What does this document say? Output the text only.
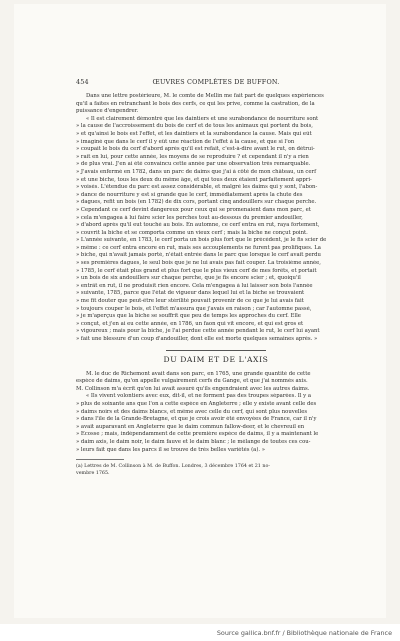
454	ŒUVRES COMPLÈTES DE BUFFON.
Dans une lettre postérieure, M. le comte de Mellin me fait part de quelques expériences
qu'il a faites en retranchant le bois des cerfs, ce qui les prive, comme la castration, de la
puissance d'engendrer.
« Il est clairement démontré que les daintiers et une surabondance de nourriture sont
» la cause de l'accroissement du bois de cerf et de tous les animaux qui portent du bois,
» et qu'ainsi le bois est l'effet, et les daintiers et la surabondance la cause. Mais qui eût
» imaginé que dans le cerf il y eût une réaction de l'effet à la cause, et que si l'on
» coupait le bois du cerf d'abord après qu'il est refait, c'est-à-dire avant le rut, on détrui-
» rait en lui, pour cette année, les moyens de se reproduire ? et cependant il n'y a rien
» de plus vrai. J'en ai été convaincu cette année par une observation très remarquable.
» J'avais enfermé en 1782, dans un parc de daims que j'ai à côté de mon château, un cerf
» et une biche, tous les deux du même âge, et qui tous deux étaient parfaitement appri-
» voisés. L'étendue du parc est assez considérable, et malgré les daims qui y sont, l'abon-
» dance de nourriture y est si grande que le cerf, immédiatement après la chute des
» dagues, refit un bois (en 1782) de dix cors, portant cinq andouillers sur chaque perche.
» Cependant ce cerf devint dangereux pour ceux qui se promenaient dans mon parc, et
» cela m'engagea à lui faire scier les perches tout au-dessous du premier andouiller,
» d'abord après qu'il eut touché au bois. En automne, ce cerf entra en rut, rayа fortement,
» couvrit la biche et se comporta comme un vieux cerf ; mais la biche ne conçut point.
» L'année suivante, en 1783, le cerf porta un bois plus fort que le précédent, je le fis scier de
» même : ce cerf entra encore en rut, mais ses accouplements ne furent pas prolifiques. La
» biche, qui n'avait jamais porté, n'était entrée dans le parc que lorsque le cerf avait perdu
» ses premières dagues, le seul bois que je ne lui avais pas fait couper. La troisième année,
» 1785, le cerf était plus grand et plus fort que le plus vieux cerf de mes forêts, et portait
» un bois de six andouillers sur chaque perche, que je fis encore scier ; et, quoiqu'il
» entrât en rut, il ne produisit rien encore. Cela m'engagea à lui laisser son bois l'année
» suivante, 1785, parce que l'état de vigueur dans lequel lui et la biche se trouvaient
» me fit douter que peut-être leur stérilité pouvait provenir de ce que je lui avais fait
» toujours couper le bois, et l'effet m'assura que j'avais en raison ; car l'automne passé,
» je m'aperçus que la biche se souffrit que peu de temps les approches du cerf. Elle
» conçut, et j'en ai eu cette année, en 1786, un faon qui vit encore, et qui est gros et
» vigoureux ; mais pour la biche, je l'ai perdue cette année pendant le rut, le cerf lui ayant
» fait une blessure d'un coup d'andouiller, dont elle est morte quelques semaines après. »
DU DAIM ET DE L'AXIS
M. le duc de Richemont avait dans son parc, en 1765, une grande quantité de cette
espèce de daims, qu'on appelle vulgairement cerfs du Gange, et que j'ai nommés axis.
M. Collinson m'a écrit qu'on lui avait assuré qu'ils engendraient avec les autres daims.
« Ils vivent volontiers avec eux, dit-il, et ne forment pas des troupes séparées. Il y a
» plus de soixante ans que l'on a cette espèce en Angleterre ; elle y existe avant celle des
» daims noirs et des daims blancs, et même avec celle du cerf, qui sont plus nouvelles
» dans l'île de la Grande-Bretagne, et que je crois avoir été envoyées de France, car il n'y
» avait auparavant en Angleterre que le daim commun fallow-deer, et le chevreuil en
» Écosse ; mais, indépendamment de cette première espèce de daims, il y a maintenant le
» daim axis, le daim noir, le daim fauve et le daim blanc ; le mélange de toutes ces cou-
» leurs fait que dans les parcs il se trouve de très belles variétés (a). »
(a) Lettres de M. Collinson à M. de Buffon. Londres, 3 décembre 1764 et 21 no-
vembre 1765.
Source gallica.bnf.fr / Bibliothèque nationale de France
